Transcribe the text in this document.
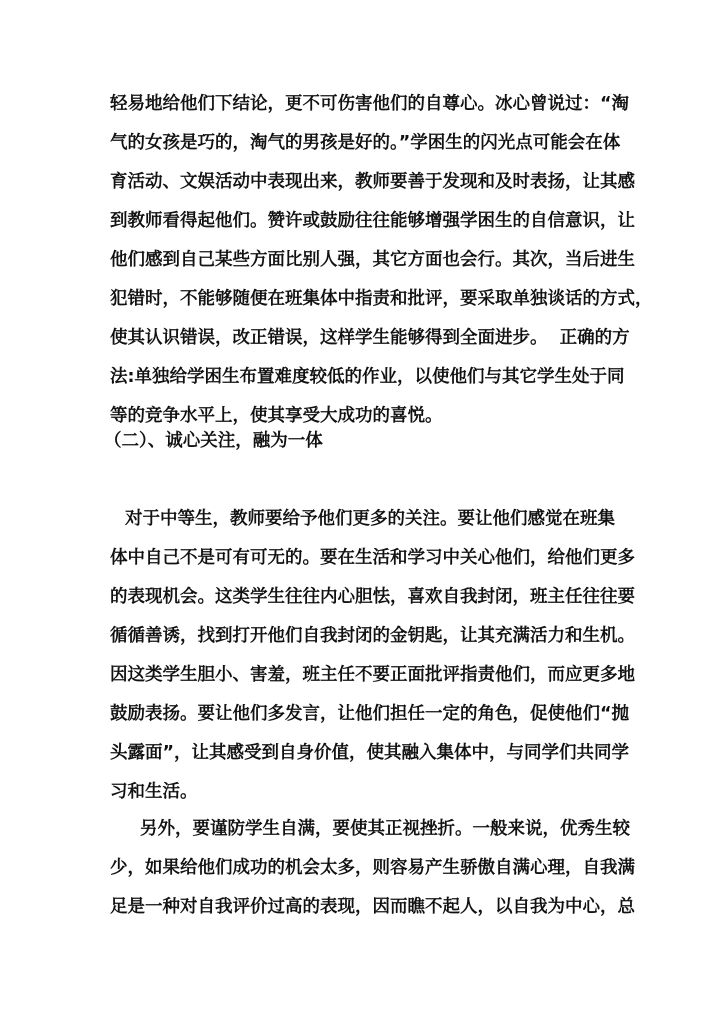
轻易地给他们下结论，更不可伤害他们的自尊心。冰心曾说过：“淘
气的女孩是巧的，淘气的男孩是好的。”学困生的闪光点可能会在体
育活动、文娱活动中表现出来，教师要善于发现和及时表扬，让其感
到教师看得起他们。赞许或鼓励往往能够增强学困生的自信意识，让
他们感到自己某些方面比别人强，其它方面也会行。其次，当后进生
犯错时，不能够随便在班集体中指责和批评，要采取单独谈话的方式，
使其认识错误，改正错误，这样学生能够得到全面进步。  正确的方
法:单独给学困生布置难度较低的作业，以使他们与其它学生处于同
等的竞争水平上，使其享受大成功的喜悦。

（二）、诚心关注，融为一体

对于中等生，教师要给予他们更多的关注。要让他们感觉在班集
体中自己不是可有可无的。要在生活和学习中关心他们，给他们更多
的表现机会。这类学生往往内心胆怯，喜欢自我封闭，班主任往往要
循循善诱，找到打开他们自我封闭的金钥匙，让其充满活力和生机。
因这类学生胆小、害羞，班主任不要正面批评指责他们，而应更多地
鼓励表扬。要让他们多发言，让他们担任一定的角色，促使他们“抛
头露面”，让其感受到自身价值，使其融入集体中，与同学们共同学
习和生活。

另外，要谨防学生自满，要使其正视挫折。一般来说，优秀生较
少，如果给他们成功的机会太多，则容易产生骄傲自满心理，自我满
足是一种对自我评价过高的表现，因而瞧不起人，以自我为中心，总
